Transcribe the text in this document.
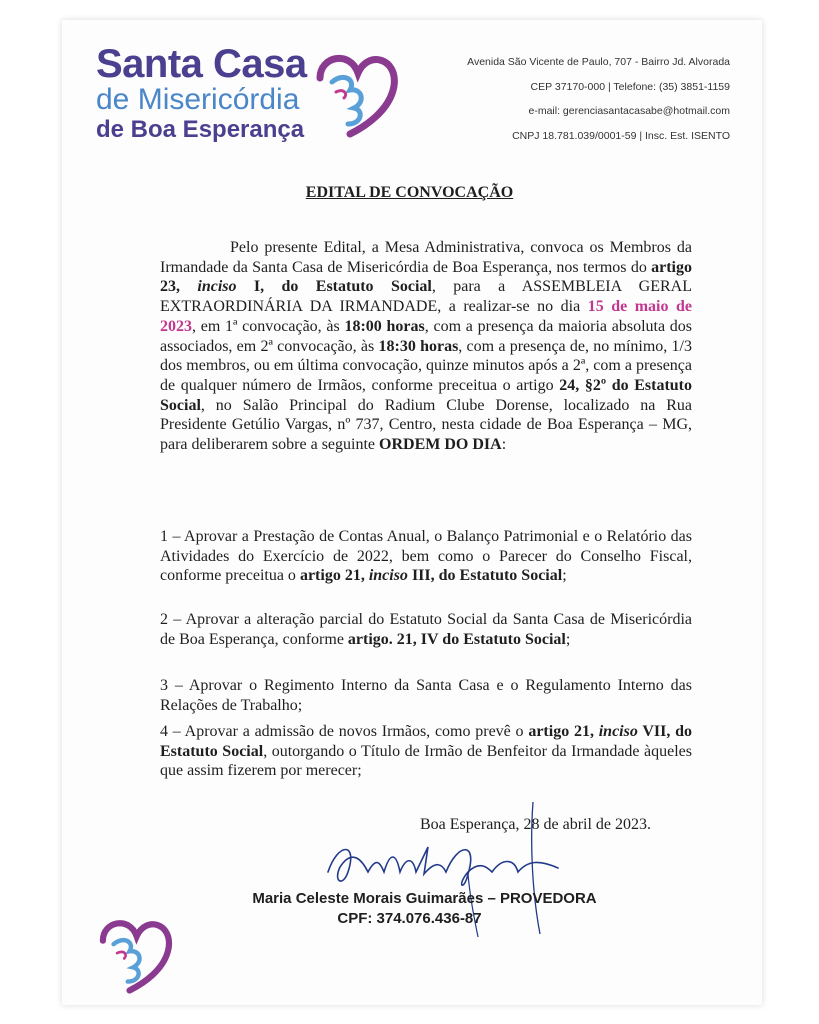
Santa Casa
de Misericórdia
de Boa Esperança
Avenida São Vicente de Paulo, 707 - Bairro Jd. Alvorada
CEP 37170-000 | Telefone: (35) 3851-1159
e-mail: gerenciasantacasabe@hotmail.com
CNPJ 18.781.039/0001-59 | Insc. Est. ISENTO
EDITAL DE CONVOCAÇÃO
Pelo presente Edital, a Mesa Administrativa, convoca os Membros da Irmandade da Santa Casa de Misericórdia de Boa Esperança, nos termos do artigo 23, inciso I, do Estatuto Social, para a ASSEMBLEIA GERAL EXTRAORDINÁRIA DA IRMANDADE, a realizar-se no dia 15 de maio de 2023, em 1ª convocação, às 18:00 horas, com a presença da maioria absoluta dos associados, em 2ª convocação, às 18:30 horas, com a presença de, no mínimo, 1/3 dos membros, ou em última convocação, quinze minutos após a 2ª, com a presença de qualquer número de Irmãos, conforme preceitua o artigo 24, §2º do Estatuto Social, no Salão Principal do Radium Clube Dorense, localizado na Rua Presidente Getúlio Vargas, nº 737, Centro, nesta cidade de Boa Esperança – MG, para deliberarem sobre a seguinte ORDEM DO DIA:
1 – Aprovar a Prestação de Contas Anual, o Balanço Patrimonial e o Relatório das Atividades do Exercício de 2022, bem como o Parecer do Conselho Fiscal, conforme preceitua o artigo 21, inciso III, do Estatuto Social;
2 – Aprovar a alteração parcial do Estatuto Social da Santa Casa de Misericórdia de Boa Esperança, conforme artigo. 21, IV do Estatuto Social;
3 – Aprovar o Regimento Interno da Santa Casa e o Regulamento Interno das Relações de Trabalho;
4 – Aprovar a admissão de novos Irmãos, como prevê o artigo 21, inciso VII, do Estatuto Social, outorgando o Título de Irmão de Benfeitor da Irmandade àqueles que assim fizerem por merecer;
Boa Esperança, 28 de abril de 2023.
Maria Celeste Morais Guimarães – PROVEDORA
CPF: 374.076.436-87
